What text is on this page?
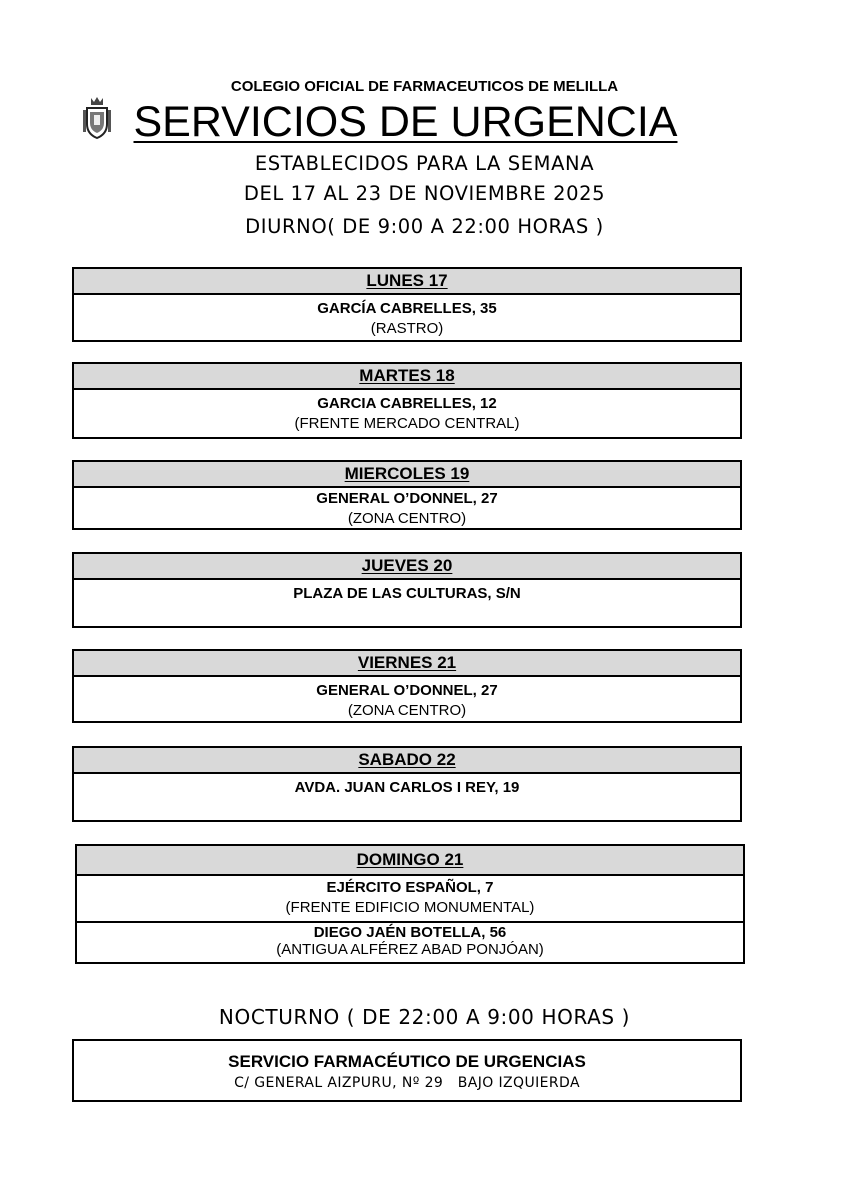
COLEGIO OFICIAL DE FARMACEUTICOS DE MELILLA
SERVICIOS DE URGENCIA
ESTABLECIDOS PARA LA SEMANA
DEL 17 AL 23 DE NOVIEMBRE 2025
DIURNO( DE 9:00 A 22:00 HORAS )
LUNES 17
GARCÍA CABRELLES, 35
(RASTRO)
MARTES 18
GARCIA CABRELLES, 12
(FRENTE MERCADO CENTRAL)
MIERCOLES 19
GENERAL O’DONNEL, 27
(ZONA CENTRO)
JUEVES 20
PLAZA DE LAS CULTURAS, S/N
VIERNES 21
GENERAL O’DONNEL, 27
(ZONA CENTRO)
SABADO 22
AVDA. JUAN CARLOS I REY, 19
DOMINGO 21
EJÉRCITO ESPAÑOL, 7
(FRENTE EDIFICIO MONUMENTAL)
DIEGO JAÉN BOTELLA, 56
(ANTIGUA ALFÉREZ ABAD PONJÓAN)
NOCTURNO ( DE 22:00 A 9:00 HORAS )
SERVICIO FARMACÉUTICO DE URGENCIAS
C/ GENERAL AIZPURU, Nº 29   BAJO IZQUIERDA
